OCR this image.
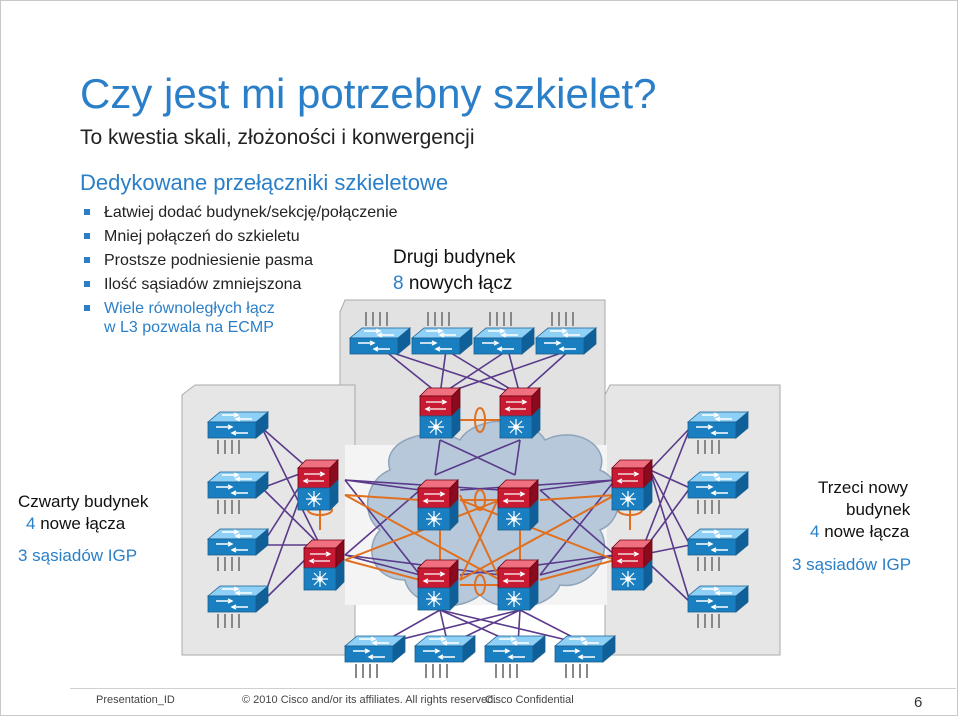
Czy jest mi potrzebny szkielet?
To kwestia skali, złożoności i konwergencji
Dedykowane przełączniki szkieletowe
Łatwiej dodać budynek/sekcję/połączenie
Mniej połączeń do szkieletu
Prostsze podniesienie pasma
Ilość sąsiadów zmniejszona
Wiele równoległych łącz
w L3 pozwala na ECMP
Drugi budynek
8 nowych łącz
Czwarty budynek
4 nowe łącza
3 sąsiadów IGP
Trzeci nowy
budynek
4 nowe łącza
3 sąsiadów IGP
Presentation_ID	© 2010 Cisco and/or its affiliates. All rights reserved.
Cisco Confidential	6
